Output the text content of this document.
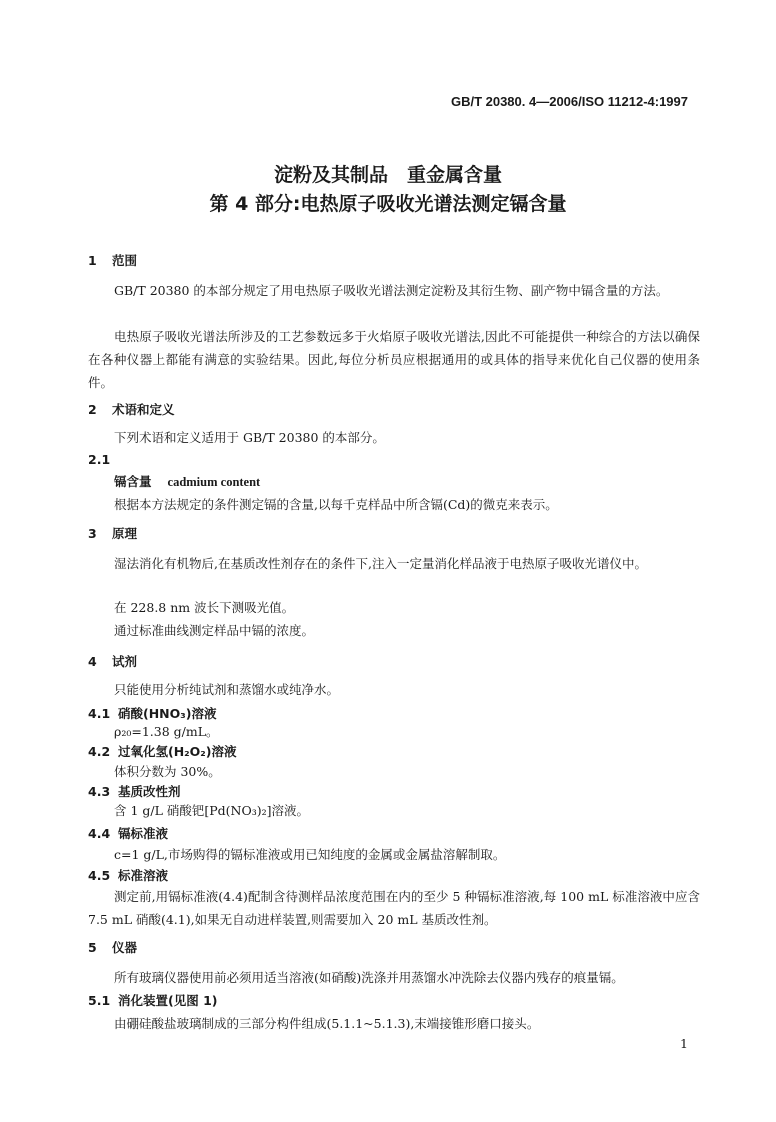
GB/T 20380. 4—2006/ISO 11212-4:1997
淀粉及其制品　重金属含量
第 4 部分:电热原子吸收光谱法测定镉含量
1 范围
GB/T 20380 的本部分规定了用电热原子吸收光谱法测定淀粉及其衍生物、副产物中镉含量的方法。
电热原子吸收光谱法所涉及的工艺参数远多于火焰原子吸收光谱法,因此不可能提供一种综合的方法以确保在各种仪器上都能有满意的实验结果。因此,每位分析员应根据通用的或具体的指导来优化自己仪器的使用条件。
2 术语和定义
下列术语和定义适用于 GB/T 20380 的本部分。
2.1
镉含量 cadmium content
根据本方法规定的条件测定镉的含量,以每千克样品中所含镉(Cd)的微克来表示。
3 原理
湿法消化有机物后,在基质改性剂存在的条件下,注入一定量消化样品液于电热原子吸收光谱仪中。
在 228.8 nm 波长下测吸光值。
通过标准曲线测定样品中镉的浓度。
4 试剂
只能使用分析纯试剂和蒸馏水或纯净水。
4.1 硝酸(HNO₃)溶液
ρ₂₀=1.38 g/mL。
4.2 过氧化氢(H₂O₂)溶液
体积分数为 30%。
4.3 基质改性剂
含 1 g/L 硝酸钯[Pd(NO₃)₂]溶液。
4.4 镉标准液
c=1 g/L,市场购得的镉标准液或用已知纯度的金属或金属盐溶解制取。
4.5 标准溶液
测定前,用镉标准液(4.4)配制含待测样品浓度范围在内的至少 5 种镉标准溶液,每 100 mL 标准溶液中应含 7.5 mL 硝酸(4.1),如果无自动进样装置,则需要加入 20 mL 基质改性剂。
5 仪器
所有玻璃仪器使用前必须用适当溶液(如硝酸)洗涤并用蒸馏水冲洗除去仪器内残存的痕量镉。
5.1 消化装置(见图 1)
由硼硅酸盐玻璃制成的三部分构件组成(5.1.1~5.1.3),末端接锥形磨口接头。
1
